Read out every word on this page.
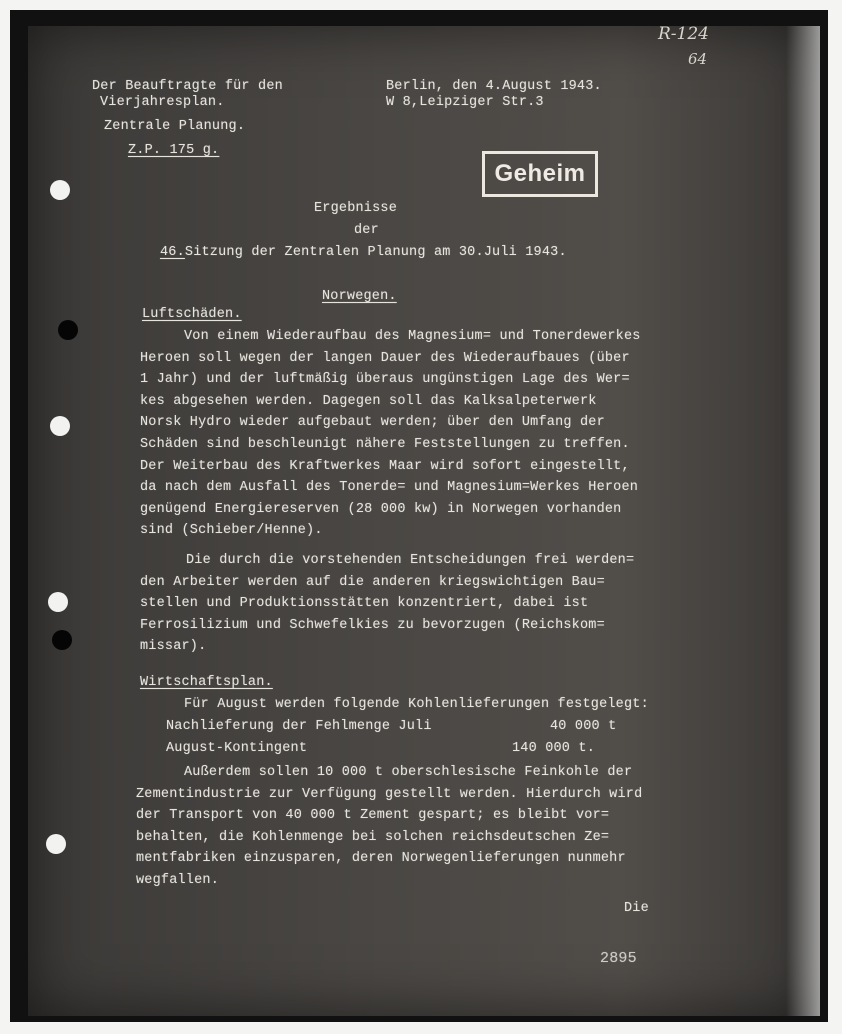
Der Beauftragte für den
Vierjahresplan.
Zentrale Planung.
Z.P. 175 g.
Berlin, den 4.August 1943.
W 8,Leipziger Str.3
R-124
64
Geheim
Ergebnisse
der
46.Sitzung der Zentralen Planung am 30.Juli 1943.
Norwegen.
Luftschäden.
Von einem Wiederaufbau des Magnesium= und Tonerdewerkes
Heroen soll wegen der langen Dauer des Wiederaufbaues (über
1 Jahr) und der luftmäßig überaus ungünstigen Lage des Wer=
kes abgesehen werden. Dagegen soll das Kalksalpeterwerk
Norsk Hydro wieder aufgebaut werden; über den Umfang der
Schäden sind beschleunigt nähere Feststellungen zu treffen.
Der Weiterbau des Kraftwerkes Maar wird sofort eingestellt,
da nach dem Ausfall des Tonerde= und Magnesium=Werkes Heroen
genügend Energiereserven (28 000 kw) in Norwegen vorhanden
sind (Schieber/Henne).
Die durch die vorstehenden Entscheidungen frei werden=
den Arbeiter werden auf die anderen kriegswichtigen Bau=
stellen und Produktionsstätten konzentriert, dabei ist
Ferrosilizium und Schwefelkies zu bevorzugen (Reichskom=
missar).
Wirtschaftsplan.
Für August werden folgende Kohlenlieferungen festgelegt:
Nachlieferung der Fehlmenge Juli	40 000 t
August-Kontingent	140 000 t.
Außerdem sollen 10 000 t oberschlesische Feinkohle der
Zementindustrie zur Verfügung gestellt werden. Hierdurch wird
der Transport von 40 000 t Zement gespart; es bleibt vor=
behalten, die Kohlenmenge bei solchen reichsdeutschen Ze=
mentfabriken einzusparen, deren Norwegenlieferungen nunmehr
wegfallen.
Die
2895
